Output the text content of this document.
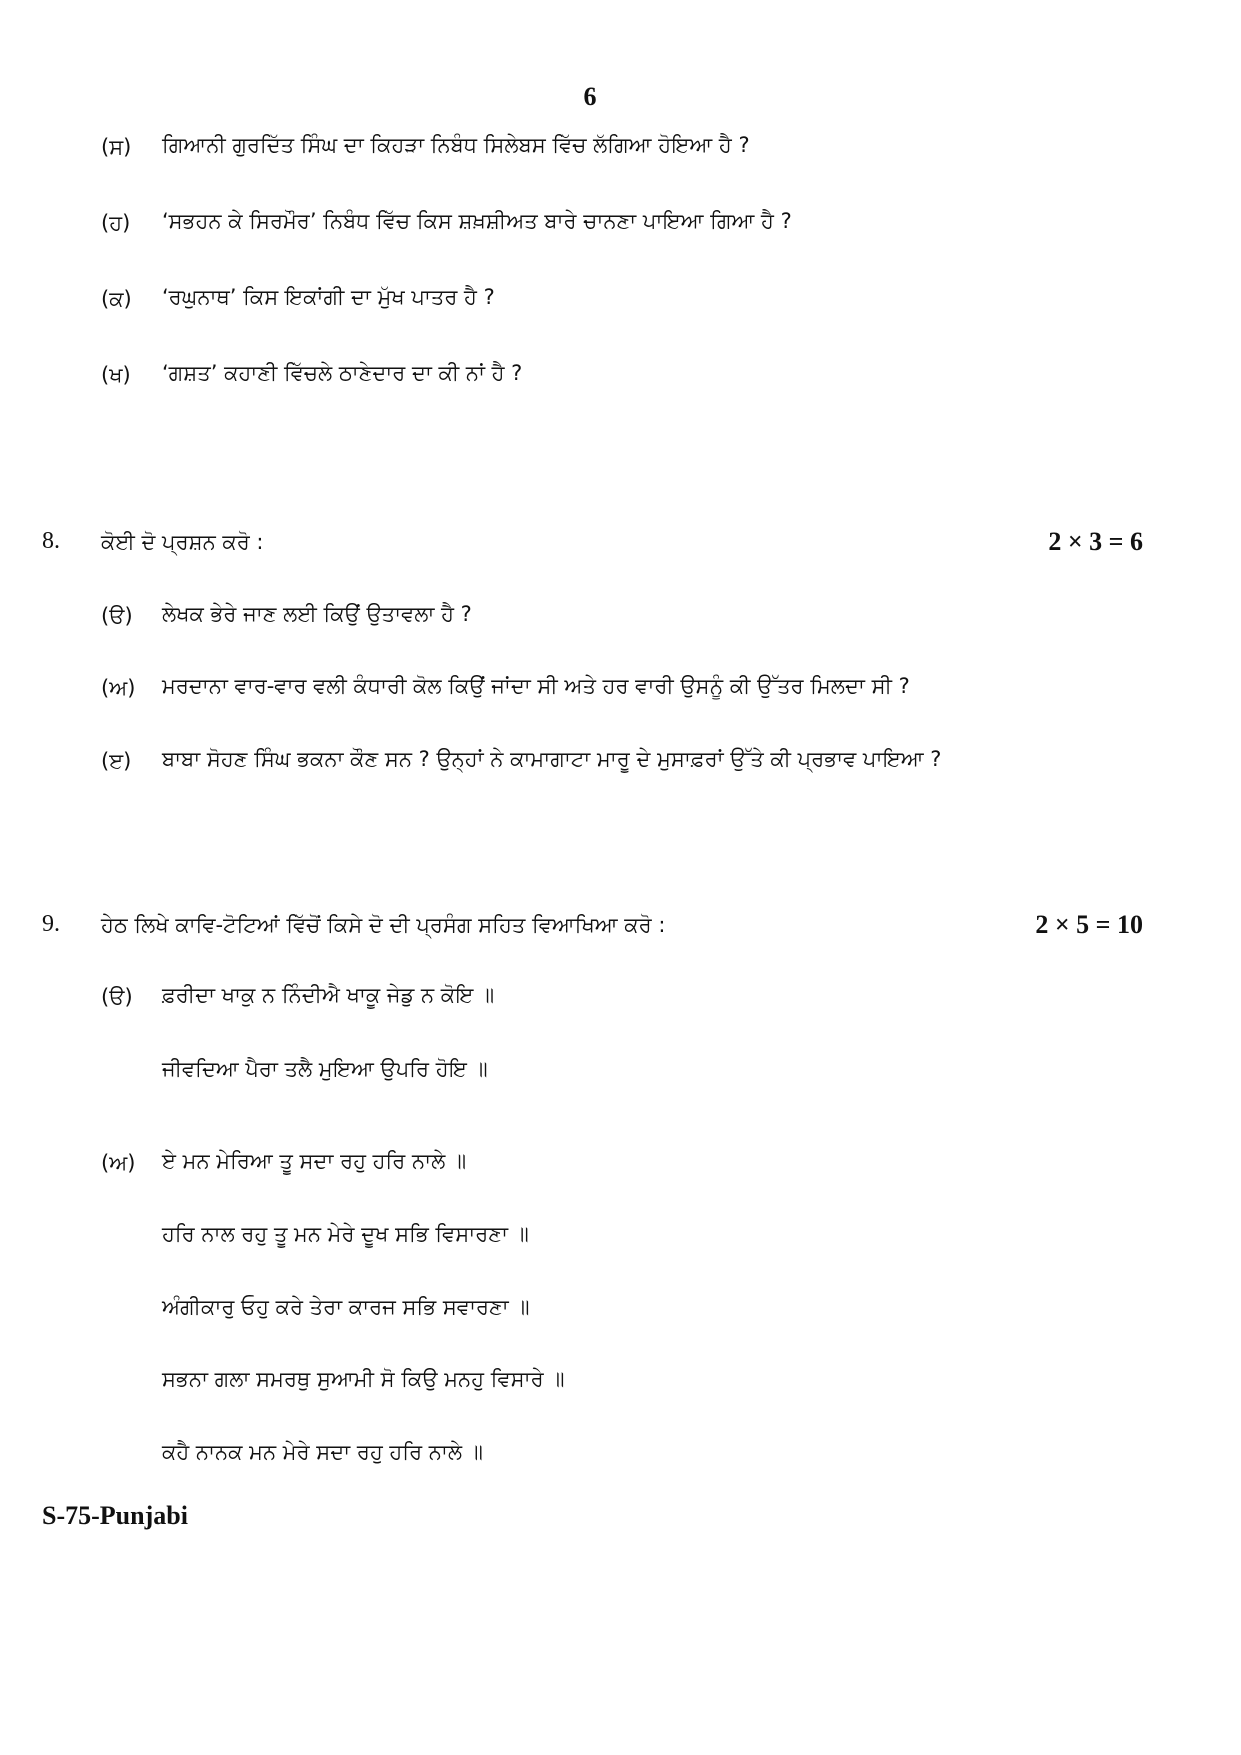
6
(ਸ) ਗਿਆਨੀ ਗੁਰਦਿੱਤ ਸਿੰਘ ਦਾ ਕਿਹੜਾ ਨਿਬੰਧ ਸਿਲੇਬਸ ਵਿੱਚ ਲੱਗਿਆ ਹੋਇਆ ਹੈ ?
(ਹ) ‘ਸਭਹਨ ਕੇ ਸਿਰਮੌਰ’ ਨਿਬੰਧ ਵਿੱਚ ਕਿਸ ਸ਼ਖ਼ਸ਼ੀਅਤ ਬਾਰੇ ਚਾਨਣਾ ਪਾਇਆ ਗਿਆ ਹੈ ?
(ਕ) ‘ਰਘੁਨਾਥ’ ਕਿਸ ਇਕਾਂਗੀ ਦਾ ਮੁੱਖ ਪਾਤਰ ਹੈ ?
(ਖ) ‘ਗਸ਼ਤ’ ਕਹਾਣੀ ਵਿੱਚਲੇ ਠਾਣੇਦਾਰ ਦਾ ਕੀ ਨਾਂ ਹੈ ?
8. ਕੋਈ ਦੋ ਪ੍ਰਸ਼ਨ ਕਰੋ :	2 × 3 = 6
(ੳ) ਲੇਖਕ ਭੇਰੇ ਜਾਣ ਲਈ ਕਿਉਂ ਉਤਾਵਲਾ ਹੈ ?
(ਅ) ਮਰਦਾਨਾ ਵਾਰ-ਵਾਰ ਵਲੀ ਕੰਧਾਰੀ ਕੋਲ ਕਿਉਂ ਜਾਂਦਾ ਸੀ ਅਤੇ ਹਰ ਵਾਰੀ ਉਸਨੂੰ ਕੀ ਉੱਤਰ ਮਿਲਦਾ ਸੀ ?
(ੲ) ਬਾਬਾ ਸੋਹਣ ਸਿੰਘ ਭਕਨਾ ਕੌਣ ਸਨ ? ਉਨ੍ਹਾਂ ਨੇ ਕਾਮਾਗਾਟਾ ਮਾਰੂ ਦੇ ਮੁਸਾਫ਼ਰਾਂ ਉੱਤੇ ਕੀ ਪ੍ਰਭਾਵ ਪਾਇਆ ?
9. ਹੇਠ ਲਿਖੇ ਕਾਵਿ-ਟੋਟਿਆਂ ਵਿੱਚੋਂ ਕਿਸੇ ਦੋ ਦੀ ਪ੍ਰਸੰਗ ਸਹਿਤ ਵਿਆਖਿਆ ਕਰੋ :	2 × 5 = 10
(ੳ) ਫ਼ਰੀਦਾ ਖਾਕੁ ਨ ਨਿੰਦੀਐ ਖਾਕੂ ਜੇਡੁ ਨ ਕੋਇ ॥
ਜੀਵਦਿਆ ਪੈਰਾ ਤਲੈ ਮੁਇਆ ਉਪਰਿ ਹੋਇ ॥
(ਅ) ਏ ਮਨ ਮੇਰਿਆ ਤੂ ਸਦਾ ਰਹੁ ਹਰਿ ਨਾਲੇ ॥
ਹਰਿ ਨਾਲ ਰਹੁ ਤੂ ਮਨ ਮੇਰੇ ਦੂਖ ਸਭਿ ਵਿਸਾਰਣਾ ॥
ਅੰਗੀਕਾਰੁ ਓਹੁ ਕਰੇ ਤੇਰਾ ਕਾਰਜ ਸਭਿ ਸਵਾਰਣਾ ॥
ਸਭਨਾ ਗਲਾ ਸਮਰਥੁ ਸੁਆਮੀ ਸੋ ਕਿਉ ਮਨਹੁ ਵਿਸਾਰੇ ॥
ਕਹੈ ਨਾਨਕ ਮਨ ਮੇਰੇ ਸਦਾ ਰਹੁ ਹਰਿ ਨਾਲੇ ॥
S-75-Punjabi
